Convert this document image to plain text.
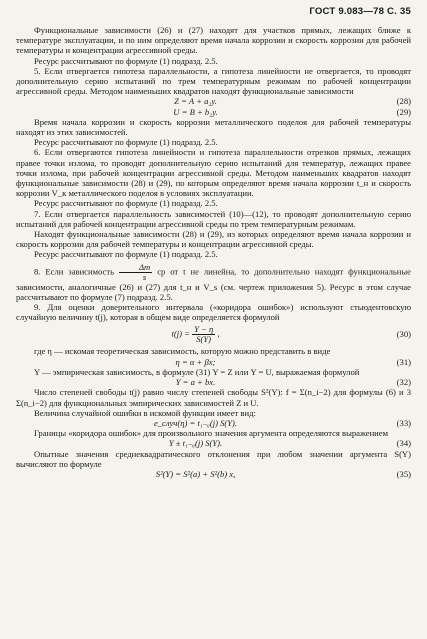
ГОСТ 9.083—78 С. 35

Функциональные зависимости (26) и (27) находят для участков прямых, лежащих ближе к температуре эксплуатации, и по ним определяют время начала коррозии и скорость коррозии для рабочей температуры и концентрации агрессивной среды.

Ресурс рассчитывают по формуле (1) подразд. 2.5.

5. Если отвергается гипотеза параллельности, а гипотеза линейности не отвергается, то проводят дополнительную серию испытаний по трем температурным режимам по рабочей концентрации агрессивной среды. Методом наименьших квадратов находят функциональные зависимости

Z = A + a₂y.	(28)
U = B + b₂y.	(29)

Время начала коррозии и скорость коррозии металлического поделоя для рабочей температуры находят из этих зависимостей.

Ресурс рассчитывают по формуле (1) подразд. 2.5.

6. Если отвергаются гипотеза линейности и гипотеза параллельности отрезков прямых, лежащих правее точки излома, то проводят дополнительную серию испытаний для температур, лежащих правее точки излома, при рабочей концентрации агрессивной среды. Методом наименьших квадратов находят функциональные зависимости (28) и (29), по которым определяют время начала коррозии t_н и скорость коррозии V_к металлического поделоя в условиях эксплуатации.

Ресурс рассчитывают по формуле (1) подразд. 2.5.

7. Если отвергается параллельность зависимостей (10)—(12), то проводят дополнительную серию испытаний для рабочей концентрации агрессивной среды по трем температурным режимам.

Находят функциональные зависимости (28) и (29), из которых определяют время начала коррозии и скорость коррозии для рабочей температуры и концентрации агрессивной среды.

Ресурс рассчитывают по формуле (1) подразд. 2.5.

8. Если зависимость $\frac{\Delta m}{s}$ ср от t не линейна, то дополнительно находят функциональные зависимости, аналогичные (26) и (27) для t_н и V_s (см. чертеж приложения 5). Ресурс в этом случае рассчитывают по формуле (7) подразд. 2.5.

9. Для оценки доверительного интервала («коридора ошибок») используют стьюдентовскую случайную величину t(j), которая в общем виде определяется формулой

$t(j) = \frac{Y - \eta}{S(Y)}$ ,	(30)

где η — искомая теоретическая зависимость, которую можно представить в виде

η = α + βx;	(31)

Y — эмпирическая зависимость, в формуле (31) Y = Z или Y = U, выражаемая формулой

Y = a + bx.	(32)

Число степеней свободы t(j) равно числу степеней свободы S²(Y): f = Σ(n_i−2) для формулы (6) и 3 Σ(n_i−2) для функциональных эмпирических зависимостей Z и U.

Величина случайной ошибки в искомой функции имеет вид:

e_случ(η) = t₁₋ᵨ(j) S(Y).	(33)

Границы «коридора ошибок» для произвольного значения аргумента определяются выражением

Y ± t₁₋ᵨ(j) S(Y).	(34)

Опытные значения среднеквадратического отклонения при любом значении аргумента S(Y) вычисляют по формуле

S²(Y) = S²(a) + S²(b) x,	(35)
